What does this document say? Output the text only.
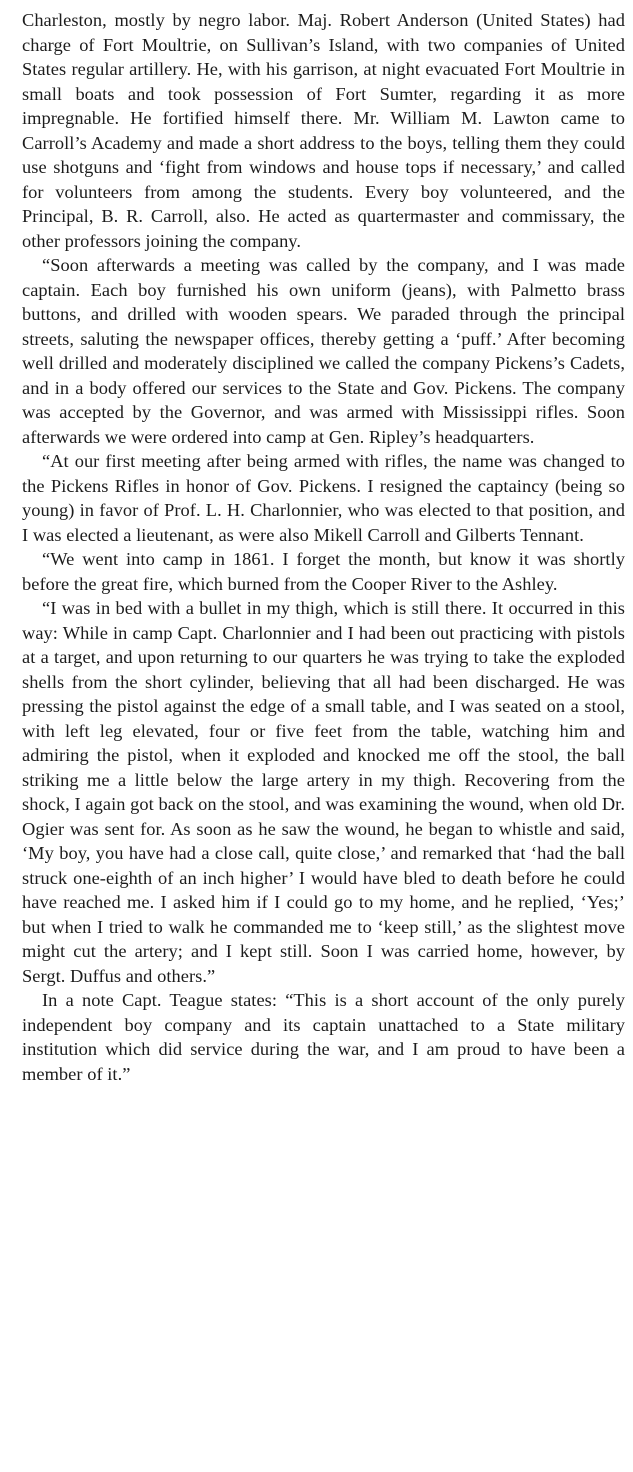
Charleston, mostly by negro labor. Maj. Robert Anderson (United States) had charge of Fort Moultrie, on Sullivan’s Island, with two companies of United States regular artillery. He, with his garrison, at night evacuated Fort Moultrie in small boats and took possession of Fort Sumter, regarding it as more impregnable. He fortified himself there. Mr. William M. Lawton came to Carroll’s Academy and made a short address to the boys, telling them they could use shotguns and ‘fight from windows and house tops if necessary,’ and called for volunteers from among the students. Every boy volunteered, and the Principal, B. R. Carroll, also. He acted as quartermaster and commissary, the other professors joining the company.

“Soon afterwards a meeting was called by the company, and I was made captain. Each boy furnished his own uniform (jeans), with Palmetto brass buttons, and drilled with wooden spears. We paraded through the principal streets, saluting the newspaper offices, thereby getting a ‘puff.’ After becoming well drilled and moderately disciplined we called the company Pickens’s Cadets, and in a body offered our services to the State and Gov. Pickens. The company was accepted by the Governor, and was armed with Mississippi rifles. Soon afterwards we were ordered into camp at Gen. Ripley’s headquarters.

“At our first meeting after being armed with rifles, the name was changed to the Pickens Rifles in honor of Gov. Pickens. I resigned the captaincy (being so young) in favor of Prof. L. H. Charlonnier, who was elected to that position, and I was elected a lieutenant, as were also Mikell Carroll and Gilberts Tennant.

“We went into camp in 1861. I forget the month, but know it was shortly before the great fire, which burned from the Cooper River to the Ashley.

“I was in bed with a bullet in my thigh, which is still there. It occurred in this way: While in camp Capt. Charlonnier and I had been out practicing with pistols at a target, and upon returning to our quarters he was trying to take the exploded shells from the short cylinder, believing that all had been discharged. He was pressing the pistol against the edge of a small table, and I was seated on a stool, with left leg elevated, four or five feet from the table, watching him and admiring the pistol, when it exploded and knocked me off the stool, the ball striking me a little below the large artery in my thigh. Recovering from the shock, I again got back on the stool, and was examining the wound, when old Dr. Ogier was sent for. As soon as he saw the wound, he began to whistle and said, ‘My boy, you have had a close call, quite close,’ and remarked that ‘had the ball struck one-eighth of an inch higher’ I would have bled to death before he could have reached me. I asked him if I could go to my home, and he replied, ‘Yes;’ but when I tried to walk he commanded me to ‘keep still,’ as the slightest move might cut the artery; and I kept still. Soon I was carried home, however, by Sergt. Duffus and others.”

In a note Capt. Teague states: “This is a short account of the only purely independent boy company and its captain unattached to a State military institution which did service during the war, and I am proud to have been a member of it.”
